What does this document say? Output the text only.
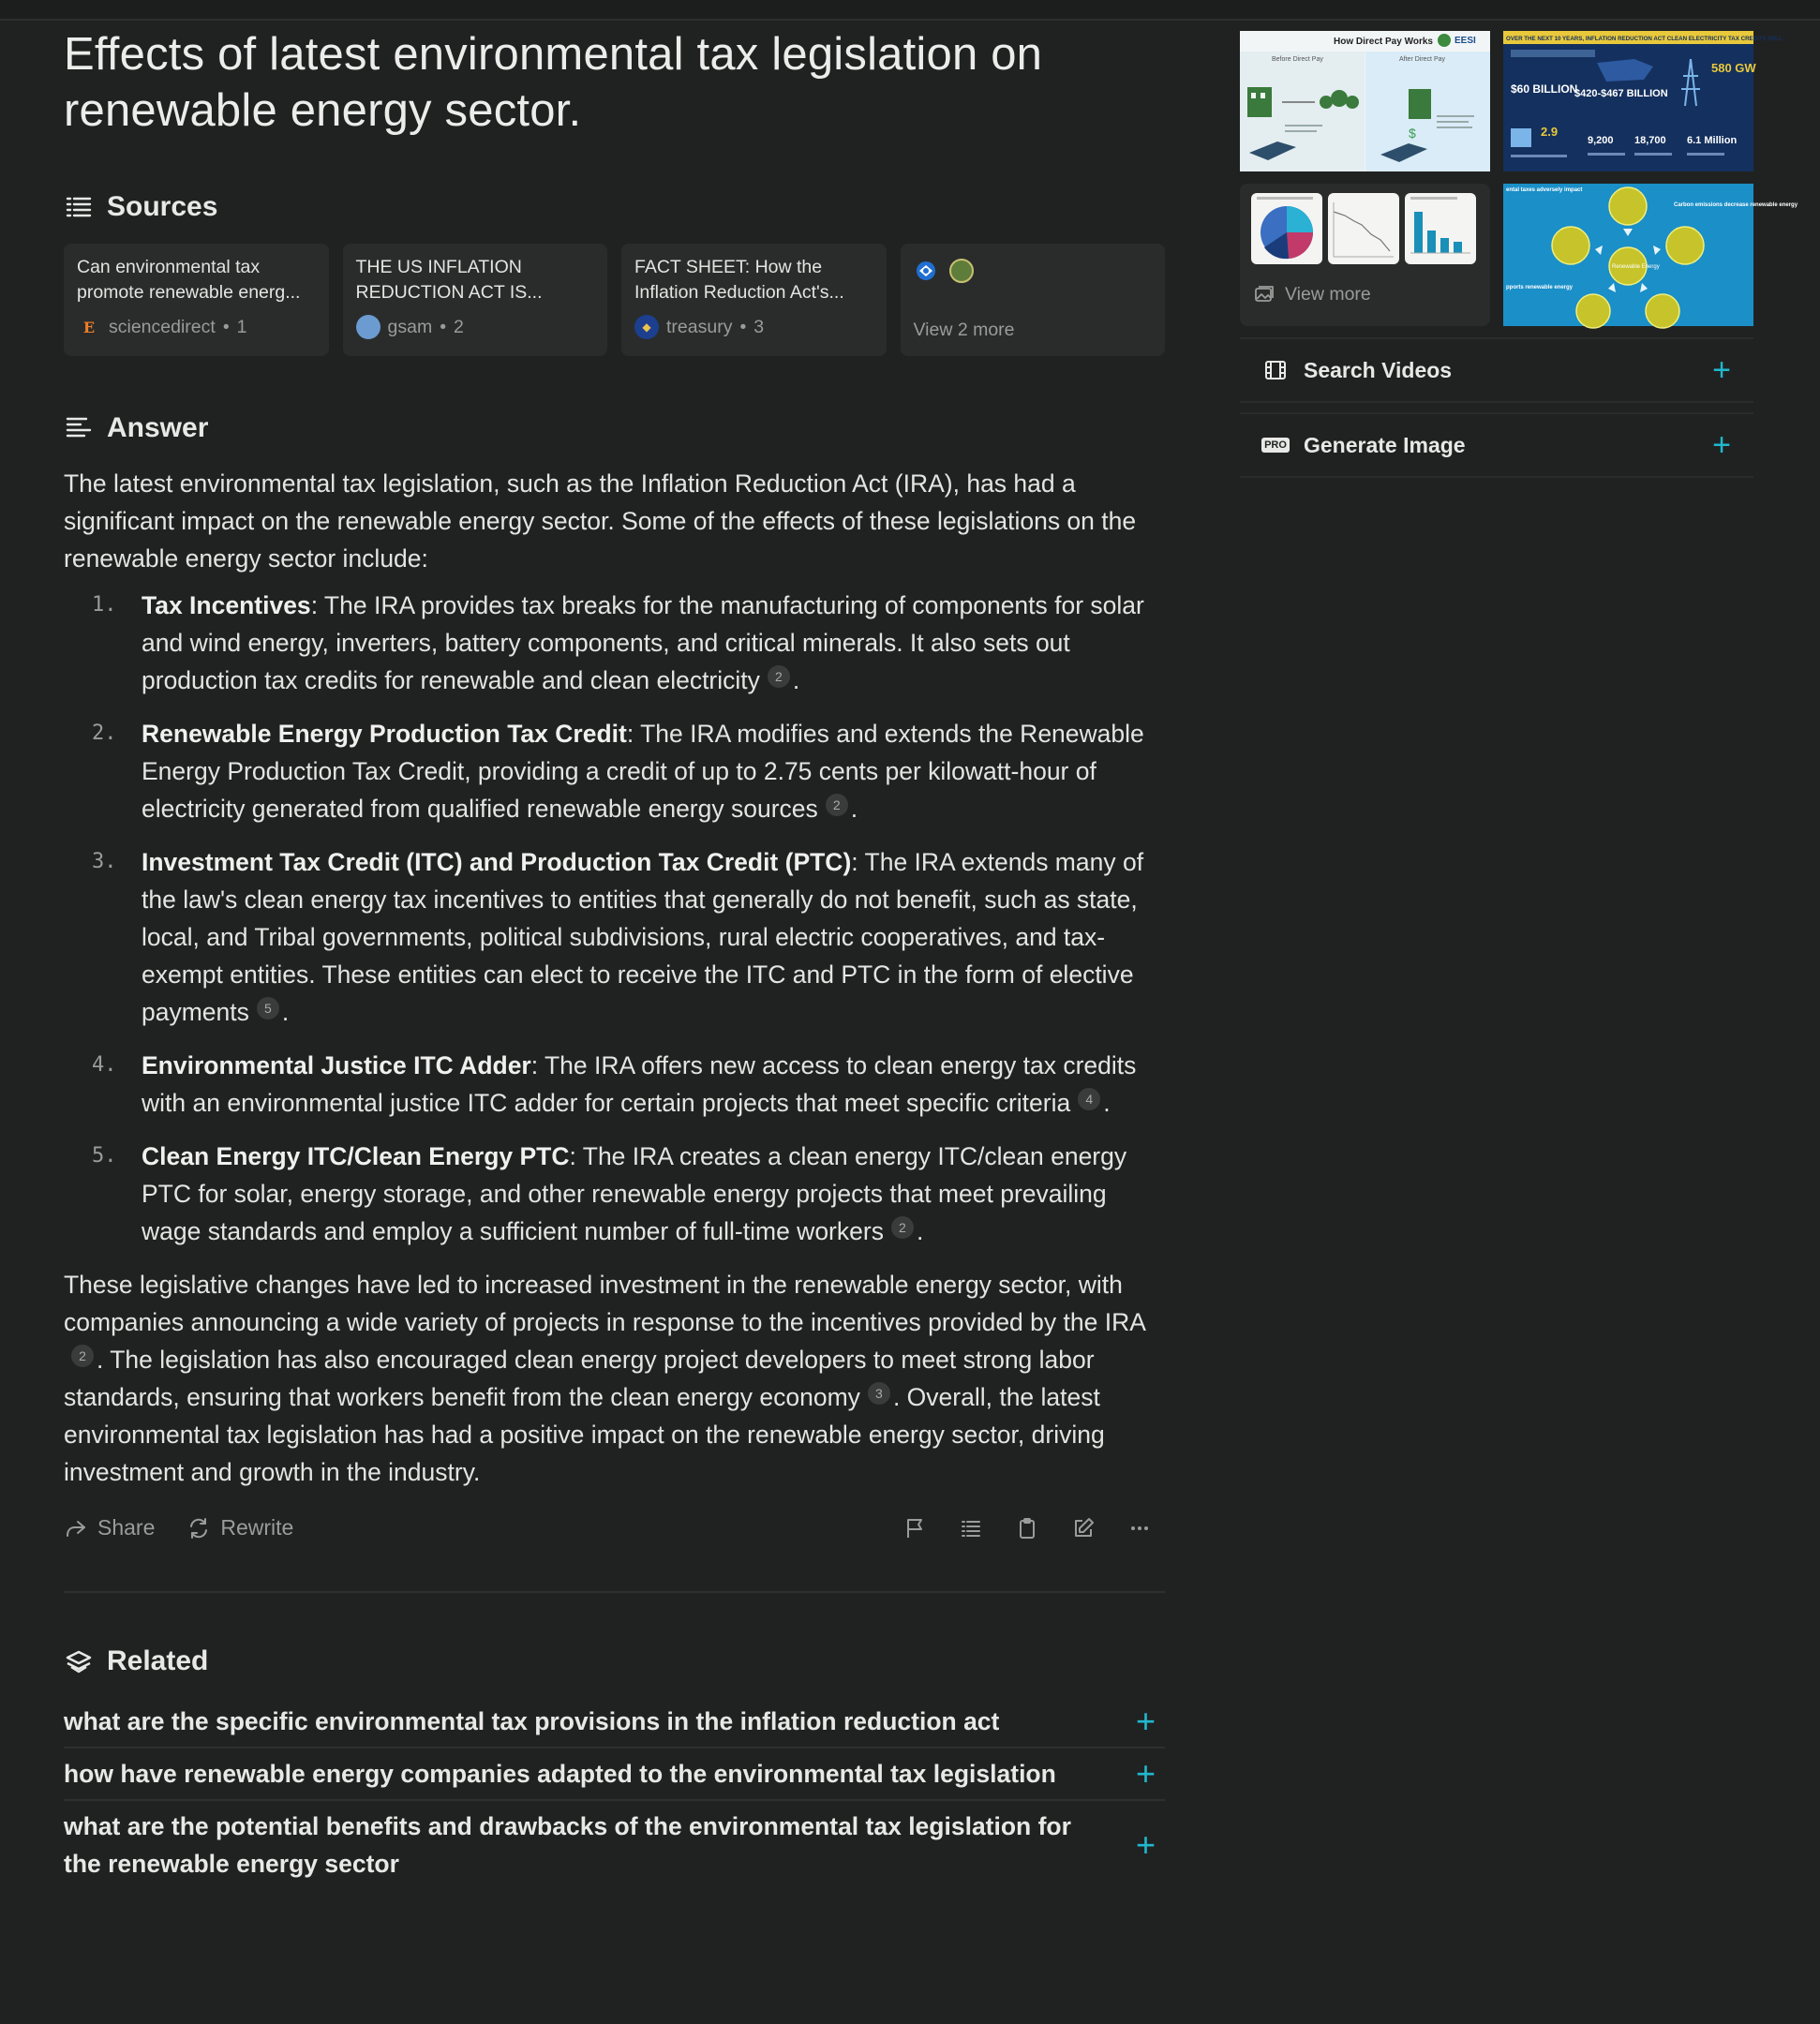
Effects of latest environmental tax legislation on renewable energy sector.
Sources
Can environmental tax promote renewable energ...
E sciencedirect • 1
THE US INFLATION REDUCTION ACT IS...
gsam • 2
FACT SHEET: How the Inflation Reduction Act's...
◆ treasury • 3	View 2 more
Answer

The latest environmental tax legislation, such as the Inflation Reduction Act (IRA), has had a significant impact on the renewable energy sector. Some of the effects of these legislations on the renewable energy sector include:

1.	Tax Incentives: The IRA provides tax breaks for the manufacturing of components for solar and wind energy, inverters, battery components, and critical minerals. It also sets out production tax credits for renewable and clean electricity 2 .
2.	Renewable Energy Production Tax Credit: The IRA modifies and extends the Renewable Energy Production Tax Credit, providing a credit of up to 2.75 cents per kilowatt-hour of electricity generated from qualified renewable energy sources 2 .
3.	Investment Tax Credit (ITC) and Production Tax Credit (PTC): The IRA extends many of the law's clean energy tax incentives to entities that generally do not benefit, such as state, local, and Tribal governments, political subdivisions, rural electric cooperatives, and tax-exempt entities. These entities can elect to receive the ITC and PTC in the form of elective payments 5 .
4.	Environmental Justice ITC Adder: The IRA offers new access to clean energy tax credits with an environmental justice ITC adder for certain projects that meet specific criteria 4 .
5.	Clean Energy ITC/Clean Energy PTC: The IRA creates a clean energy ITC/clean energy PTC for solar, energy storage, and other renewable energy projects that meet prevailing wage standards and employ a sufficient number of full-time workers 2 .

These legislative changes have led to increased investment in the renewable energy sector, with companies announcing a wide variety of projects in response to the incentives provided by the IRA2 . The legislation has also encouraged clean energy project developers to meet strong labor standards, ensuring that workers benefit from the clean energy economy 3 . Overall, the latest environmental tax legislation has had a positive impact on the renewable energy sector, driving investment and growth in the industry.

Share	Rewrite
Related
what are the specific environmental tax provisions in the inflation reduction act	+
how have renewable energy companies adapted to the environmental tax legislation +
what are the potential benefits and drawbacks of the environmental tax legislation for the renewable energy sector	+
How Direct Pay Works EESI
Before Direct Pay	After Direct Pay
$
OVER THE NEXT 10 YEARS, INFLATION REDUCTION ACT CLEAN ELECTRICITY TAX CREDITS WILL:
$60 BILLION
$420-$467 BILLION
580 GW
2.9
9,200 18,700 6.1 Million
View more
ental taxes adversely impact
Carbon emissions decrease renewable energy
pports renewable energy
Renewable Energy
Search Videos	+
PRO Generate Image	+
